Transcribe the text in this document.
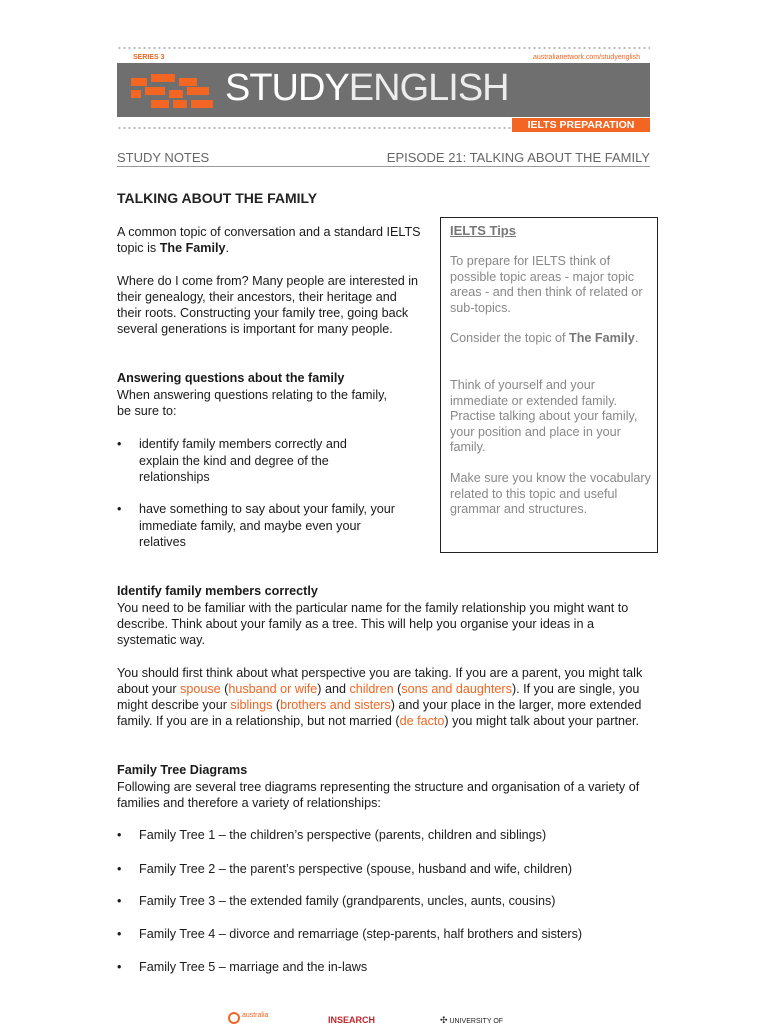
SERIES 3	australianetwork.com/studyenglish
STUDYENGLISH
IELTS PREPARATION
STUDY NOTES	EPISODE 21: TALKING ABOUT THE FAMILY
TALKING ABOUT THE FAMILY
A common topic of conversation and a standard IELTS topic is The Family.
Where do I come from? Many people are interested in their genealogy, their ancestors, their heritage and their roots. Constructing your family tree, going back several generations is important for many people.
Answering questions about the family
When answering questions relating to the family, be sure to:
• identify family members correctly and explain the kind and degree of the relationships
• have something to say about your family, your immediate family, and maybe even your relatives
IELTS Tips
To prepare for IELTS think of possible topic areas - major topic areas - and then think of related or sub-topics.
Consider the topic of The Family.
Think of yourself and your immediate or extended family. Practise talking about your family, your position and place in your family.
Make sure you know the vocabulary related to this topic and useful grammar and structures.
Identify family members correctly
You need to be familiar with the particular name for the family relationship you might want to describe. Think about your family as a tree. This will help you organise your ideas in a systematic way.
You should first think about what perspective you are taking. If you are a parent, you might talk about your spouse (husband or wife) and children (sons and daughters). If you are single, you might describe your siblings (brothers and sisters) and your place in the larger, more extended family. If you are in a relationship, but not married (de facto) you might talk about your partner.
Family Tree Diagrams
Following are several tree diagrams representing the structure and organisation of a variety of families and therefore a variety of relationships:
• Family Tree 1 – the children’s perspective (parents, children and siblings)
• Family Tree 2 – the parent’s perspective (spouse, husband and wife, children)
• Family Tree 3 – the extended family (grandparents, uncles, aunts, cousins)
• Family Tree 4 – divorce and remarriage (step-parents, half brothers and sisters)
• Family Tree 5 – marriage and the in-laws
australia	INSEARCH	✣ UNIVERSITY OF
